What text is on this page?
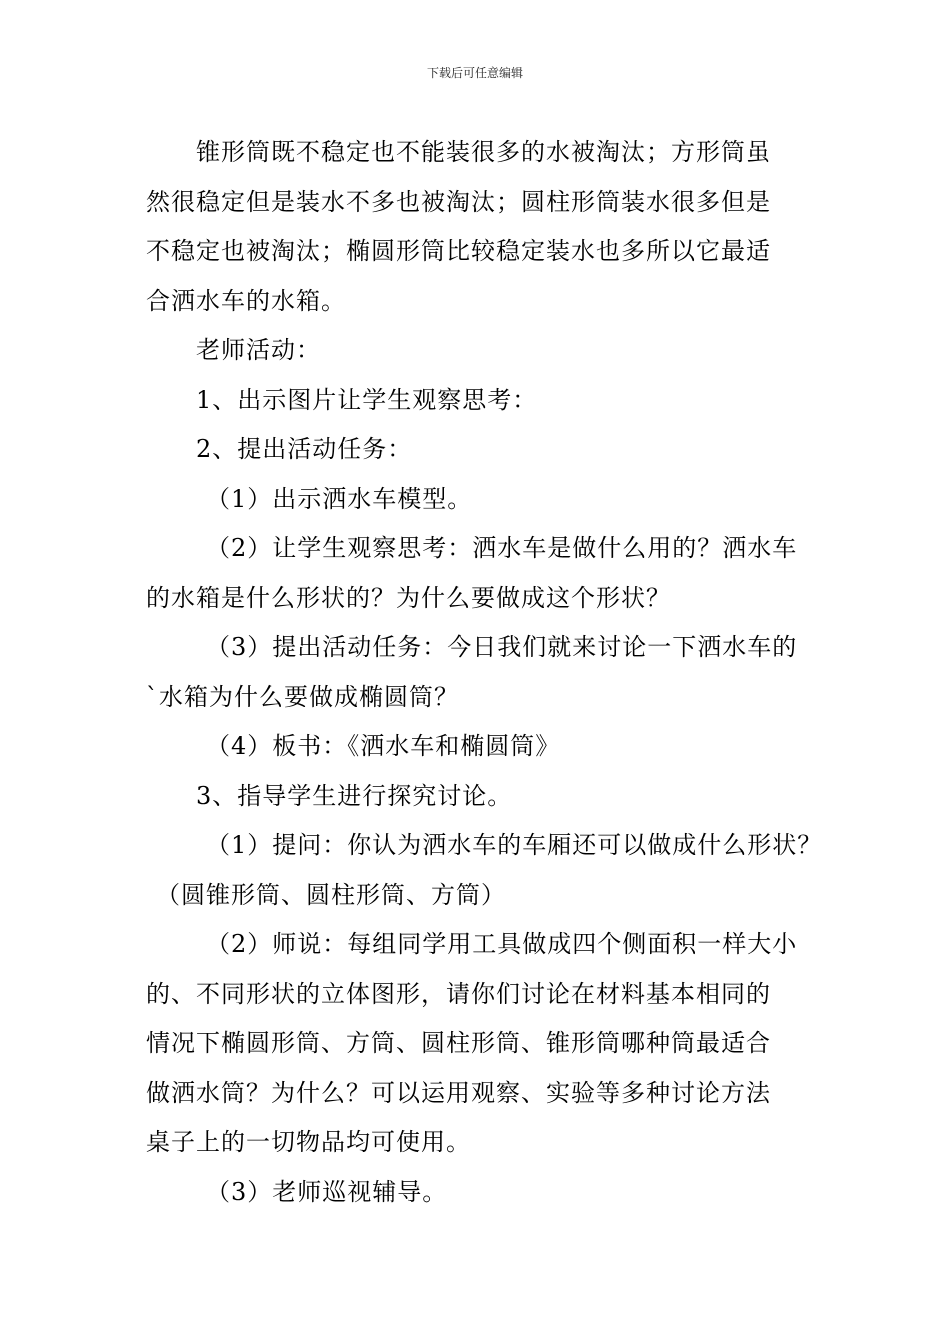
下载后可任意编辑

锥形筒既不稳定也不能装很多的水被淘汰；方形筒虽

然很稳定但是装水不多也被淘汰；圆柱形筒装水很多但是

不稳定也被淘汰；椭圆形筒比较稳定装水也多所以它最适

合洒水车的水箱。

老师活动：

1、出示图片让学生观察思考：

2、提出活动任务：

（1）出示洒水车模型。

（2）让学生观察思考：洒水车是做什么用的？洒水车

的水箱是什么形状的？为什么要做成这个形状？

（3）提出活动任务：今日我们就来讨论一下洒水车的

`水箱为什么要做成椭圆筒？

（4）板书：《洒水车和椭圆筒》

3、指导学生进行探究讨论。

（1）提问：你认为洒水车的车厢还可以做成什么形状？

（圆锥形筒、圆柱形筒、方筒）

（2）师说：每组同学用工具做成四个侧面积一样大小

的、不同形状的立体图形，请你们讨论在材料基本相同的

情况下椭圆形筒、方筒、圆柱形筒、锥形筒哪种筒最适合

做洒水筒？为什么？可以运用观察、实验等多种讨论方法

桌子上的一切物品均可使用。

（3）老师巡视辅导。
